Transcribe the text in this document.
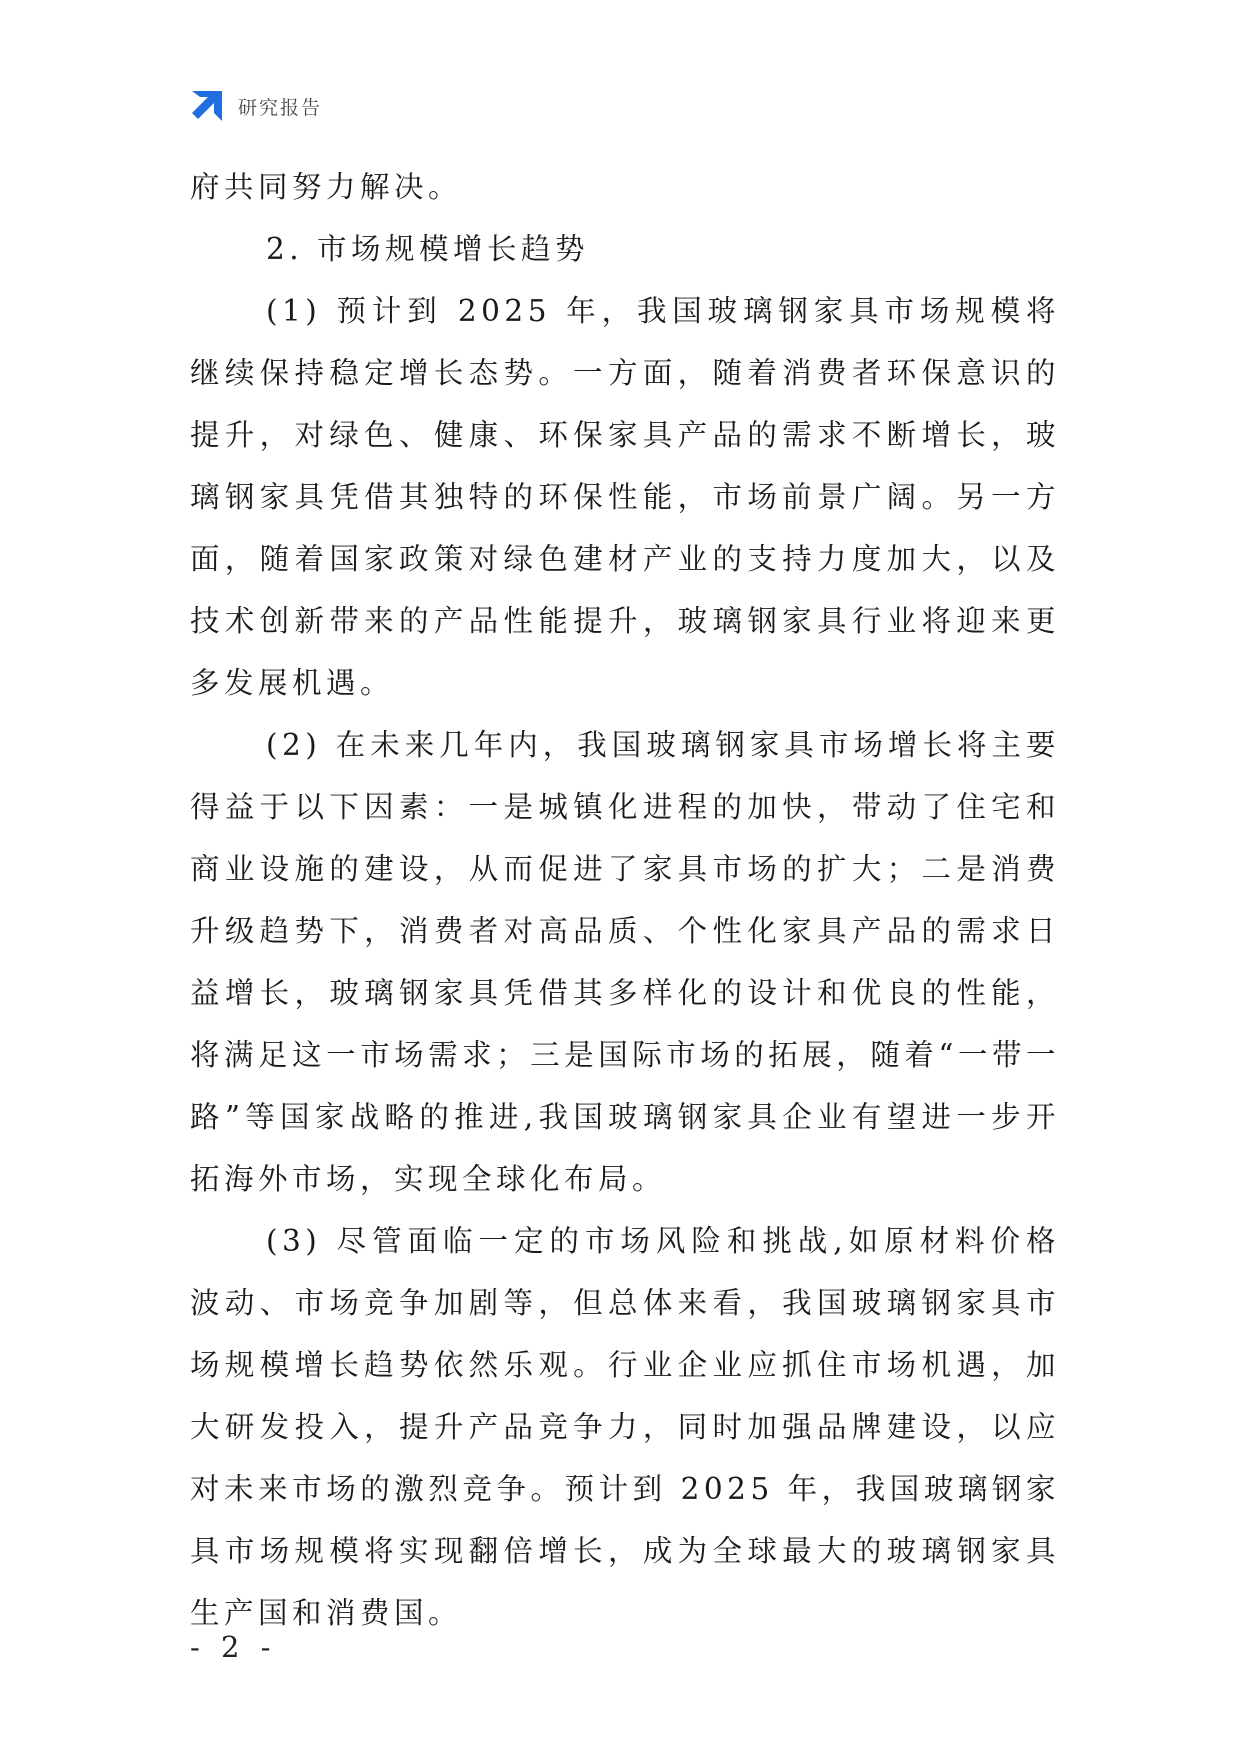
研究报告

府共同努力解决。

2. 市场规模增长趋势

(1) 预计到 2025 年，我国玻璃钢家具市场规模将继续保持稳定增长态势。一方面，随着消费者环保意识的提升，对绿色、健康、环保家具产品的需求不断增长，玻璃钢家具凭借其独特的环保性能，市场前景广阔。另一方面，随着国家政策对绿色建材产业的支持力度加大，以及技术创新带来的产品性能提升，玻璃钢家具行业将迎来更多发展机遇。

(2) 在未来几年内，我国玻璃钢家具市场增长将主要得益于以下因素：一是城镇化进程的加快，带动了住宅和商业设施的建设，从而促进了家具市场的扩大；二是消费升级趋势下，消费者对高品质、个性化家具产品的需求日益增长，玻璃钢家具凭借其多样化的设计和优良的性能，将满足这一市场需求；三是国际市场的拓展，随着“一带一路”等国家战略的推进,我国玻璃钢家具企业有望进一步开拓海外市场，实现全球化布局。

(3) 尽管面临一定的市场风险和挑战,如原材料价格波动、市场竞争加剧等，但总体来看，我国玻璃钢家具市场规模增长趋势依然乐观。行业企业应抓住市场机遇，加大研发投入，提升产品竞争力，同时加强品牌建设，以应对未来市场的激烈竞争。预计到 2025 年，我国玻璃钢家具市场规模将实现翻倍增长，成为全球最大的玻璃钢家具生产国和消费国。

- 2 -
